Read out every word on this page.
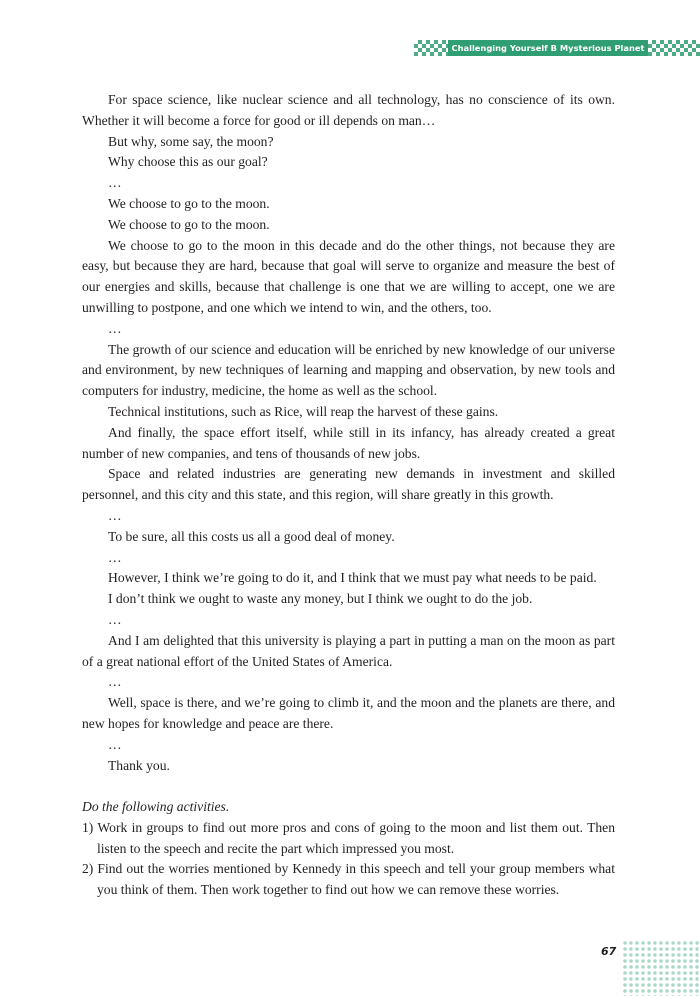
Challenging Yourself B Mysterious Planet

For space science, like nuclear science and all technology, has no conscience of its own. Whether it will become a force for good or ill depends on man…

But why, some say, the moon?

Why choose this as our goal?

…

We choose to go to the moon.

We choose to go to the moon.

We choose to go to the moon in this decade and do the other things, not because they are easy, but because they are hard, because that goal will serve to organize and measure the best of our energies and skills, because that challenge is one that we are willing to accept, one we are unwilling to postpone, and one which we intend to win, and the others, too.

…

The growth of our science and education will be enriched by new knowledge of our universe and environment, by new techniques of learning and mapping and observation, by new tools and computers for industry, medicine, the home as well as the school.

Technical institutions, such as Rice, will reap the harvest of these gains.

And finally, the space effort itself, while still in its infancy, has already created a great number of new companies, and tens of thousands of new jobs.

Space and related industries are generating new demands in investment and skilled personnel, and this city and this state, and this region, will share greatly in this growth.

…

To be sure, all this costs us all a good deal of money.

…

However, I think we’re going to do it, and I think that we must pay what needs to be paid.

I don’t think we ought to waste any money, but I think we ought to do the job.

…

And I am delighted that this university is playing a part in putting a man on the moon as part of a great national effort of the United States of America.

…

Well, space is there, and we’re going to climb it, and the moon and the planets are there, and new hopes for knowledge and peace are there.

…

Thank you.

Do the following activities.

1) Work in groups to find out more pros and cons of going to the moon and list them out. Then listen to the speech and recite the part which impressed you most.

2) Find out the worries mentioned by Kennedy in this speech and tell your group members what you think of them. Then work together to find out how we can remove these worries.

67
